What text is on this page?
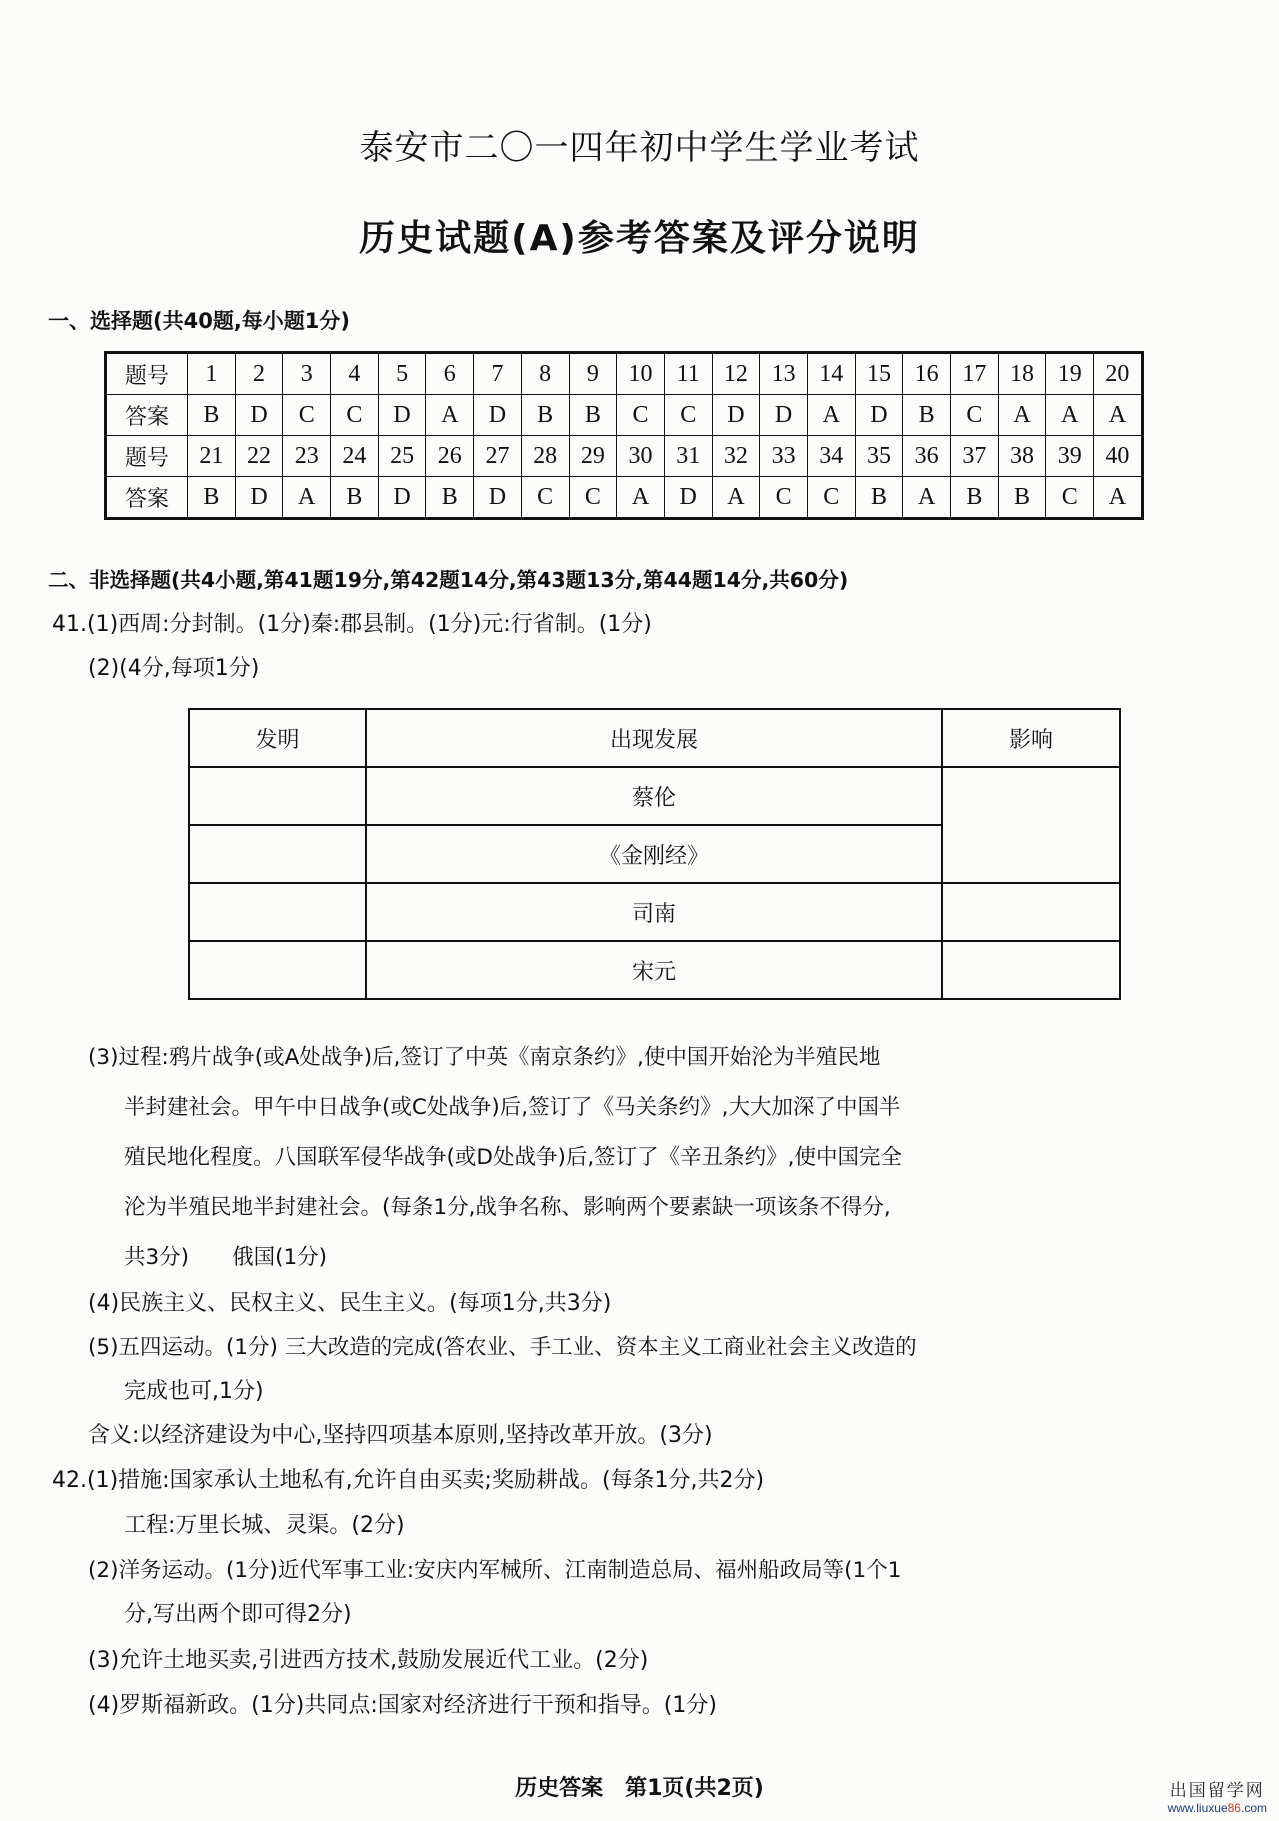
泰安市二〇一四年初中学生学业考试
历史试题(A)参考答案及评分说明
一、选择题(共40题,每小题1分)
题号	1	2	3	4	5	6	7	8	9	10	11	12	13	14	15	16	17	18	19	20
答案	B	D	C	C	D	A	D	B	B	C	C	D	D	A	D	B	C	A	A	A
题号	21	22	23	24	25	26	27	28	29	30	31	32	33	34	35	36	37	38	39	40
答案	B	D	A	B	D	B	D	C	C	A	D	A	C	C	B	A	B	B	C	A
二、非选择题(共4小题,第41题19分,第42题14分,第43题13分,第44题14分,共60分)
41.(1)西周:分封制。(1分)秦:郡县制。(1分)元:行省制。(1分)
(2)(4分,每项1分)
发明	出现发展	影响
	蔡伦	
	《金刚经》	
	司南	
	宋元	
(3)过程:鸦片战争(或A处战争)后,签订了中英《南京条约》,使中国开始沦为半殖民地
半封建社会。甲午中日战争(或C处战争)后,签订了《马关条约》,大大加深了中国半
殖民地化程度。八国联军侵华战争(或D处战争)后,签订了《辛丑条约》,使中国完全
沦为半殖民地半封建社会。(每条1分,战争名称、影响两个要素缺一项该条不得分,
共3分)　　俄国(1分)
(4)民族主义、民权主义、民生主义。(每项1分,共3分)
(5)五四运动。(1分) 三大改造的完成(答农业、手工业、资本主义工商业社会主义改造的
完成也可,1分)
含义:以经济建设为中心,坚持四项基本原则,坚持改革开放。(3分)
42.(1)措施:国家承认土地私有,允许自由买卖;奖励耕战。(每条1分,共2分)
工程:万里长城、灵渠。(2分)
(2)洋务运动。(1分)近代军事工业:安庆内军械所、江南制造总局、福州船政局等(1个1
分,写出两个即可得2分)
(3)允许土地买卖,引进西方技术,鼓励发展近代工业。(2分)
(4)罗斯福新政。(1分)共同点:国家对经济进行干预和指导。(1分)
历史答案　第1页(共2页)	出国留学网
www.liuxue86.com
